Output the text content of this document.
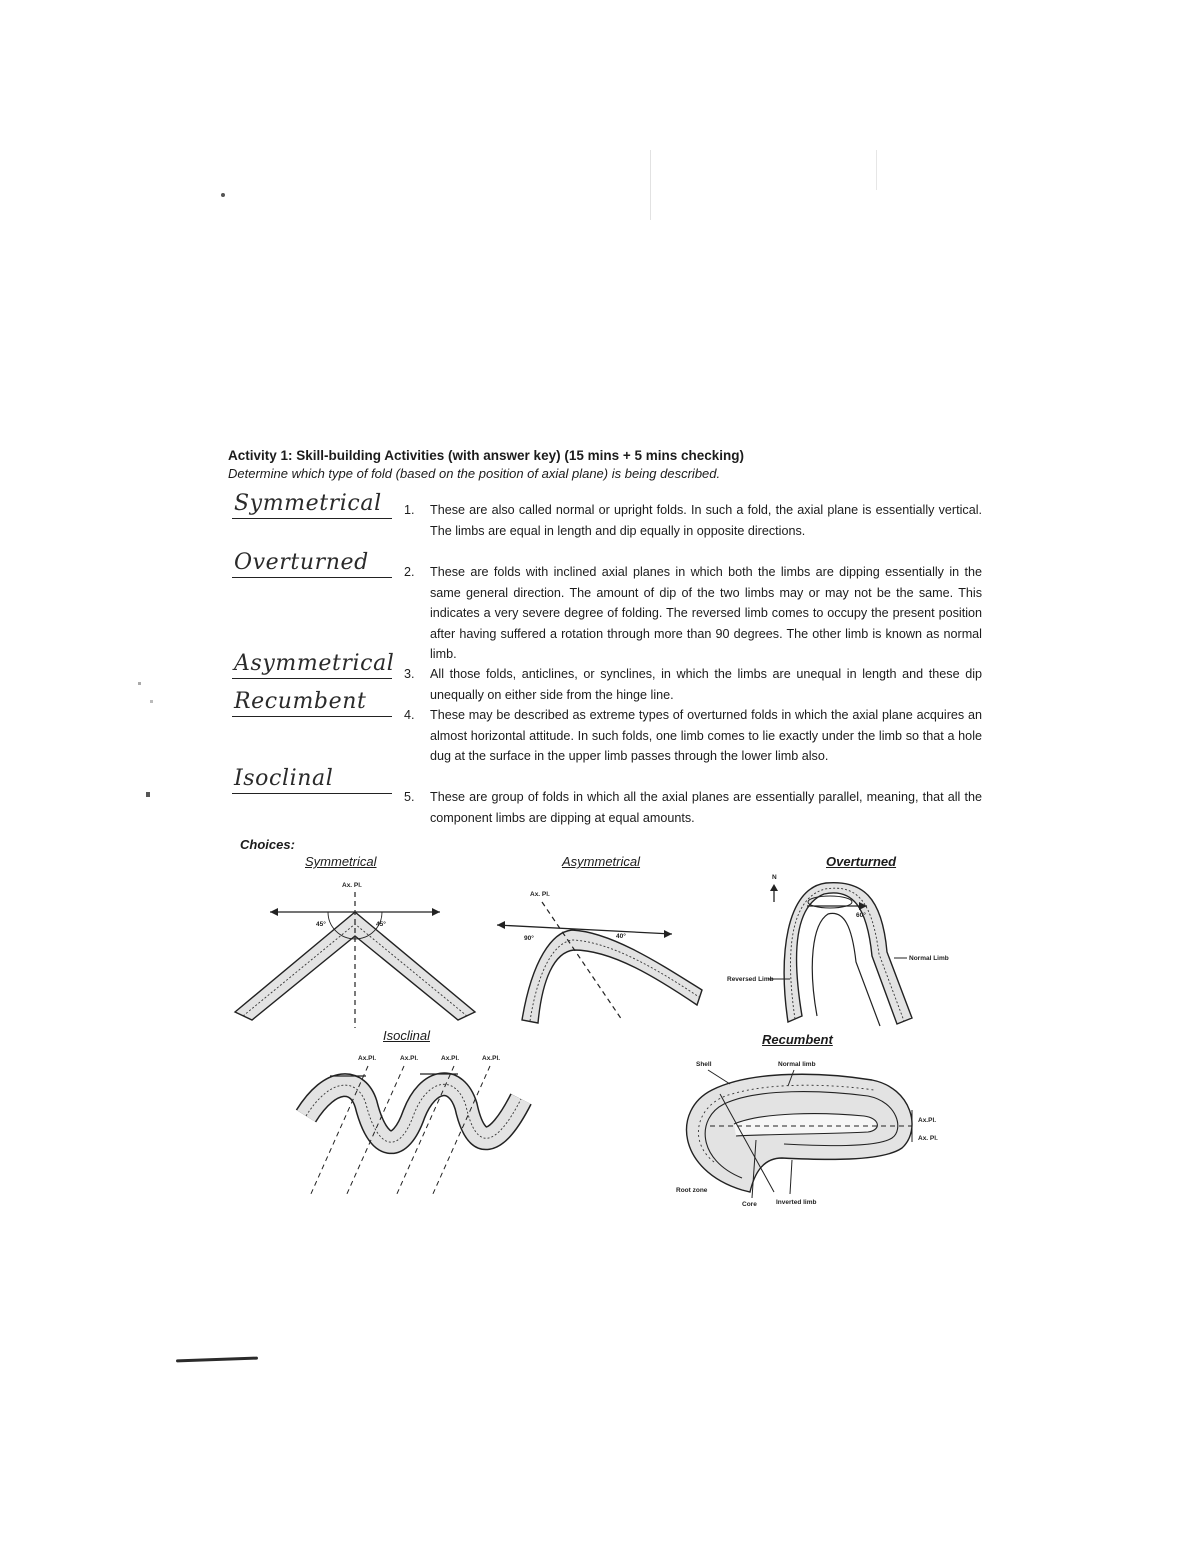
Activity 1: Skill-building Activities (with answer key) (15 mins + 5 mins checking)
Determine which type of fold (based on the position of axial plane) is being described.
Symmetrical
Overturned
Asymmetrical
Recumbent
Isoclinal
1. These are also called normal or upright folds. In such a fold, the axial plane is essentially vertical. The limbs are equal in length and dip equally in opposite directions.
2. These are folds with inclined axial planes in which both the limbs are dipping essentially in the same general direction. The amount of dip of the two limbs may or may not be the same. This indicates a very severe degree of folding. The reversed limb comes to occupy the present position after having suffered a rotation through more than 90 degrees. The other limb is known as normal limb.
3. All those folds, anticlines, or synclines, in which the limbs are unequal in length and these dip unequally on either side from the hinge line.
4. These may be described as extreme types of overturned folds in which the axial plane acquires an almost horizontal attitude. In such folds, one limb comes to lie exactly under the limb so that a hole dug at the surface in the upper limb passes through the lower limb also.
5. These are group of folds in which all the axial planes are essentially parallel, meaning, that all the component limbs are dipping at equal amounts.
Choices:
Symmetrical	Asymmetrical	Overturned
Isoclinal	Recumbent
Ax. Pl.
45°	45°
Ax. Pl.
90°	40°
N
60°
Normal Limb
Reversed Limb
Ax.Pl.	Ax.Pl.	Ax.Pl.	Ax.Pl.
Shell	Normal limb
Ax.Pl.
Ax. Pl.
Root zone
Core	Inverted limb
